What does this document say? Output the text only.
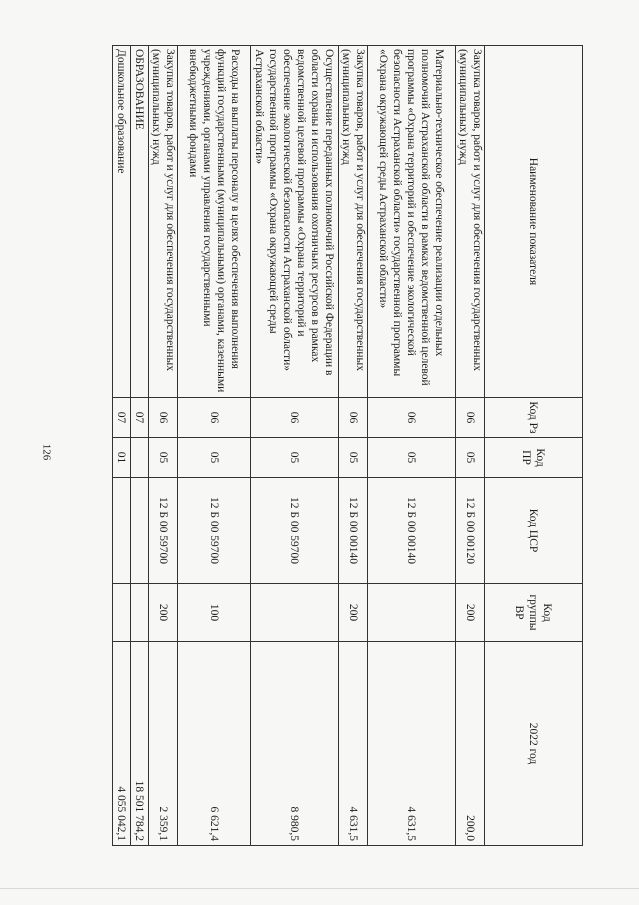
126
Наименование показателя	Код Рз	Код ПР	Код ЦСР	Код группы ВР	2022 год
Закупка товаров, работ и услуг для обеспечения государственных (муниципальных) нужд	06	05	12 Б 00 00120	200	200,0
Материально-техническое обеспечение реализации отдельных полномочий Астраханской области в рамках ведомственной целевой программы «Охрана территорий и обеспечение экологической безопасности Астраханской области» государственной программы «Охрана окружающей среды Астраханской области»	06	05	12 Б 00 00140		4 631,5
Закупка товаров, работ и услуг для обеспечения государственных (муниципальных) нужд	06	05	12 Б 00 00140	200	4 631,5
Осуществление переданных полномочий Российской Федерации в области охраны и использования охотничьих ресурсов в рамках ведомственной целевой программы «Охрана территорий и обеспечение экологической безопасности Астраханской области» государственной программы «Охрана окружающей среды Астраханской области»	06	05	12 Б 00 59700		8 980,5
Расходы на выплаты персоналу в целях обеспечения выполнения функций государственными (муниципальными) органами, казенными учреждениями, органами управления государственными внебюджетными фондами	06	05	12 Б 00 59700	100	6 621,4
Закупка товаров, работ и услуг для обеспечения государственных (муниципальных) нужд	06	05	12 Б 00 59700	200	2 359,1
ОБРАЗОВАНИЕ	07				18 501 784,2
Дошкольное образование	07	01			4 055 042,1
